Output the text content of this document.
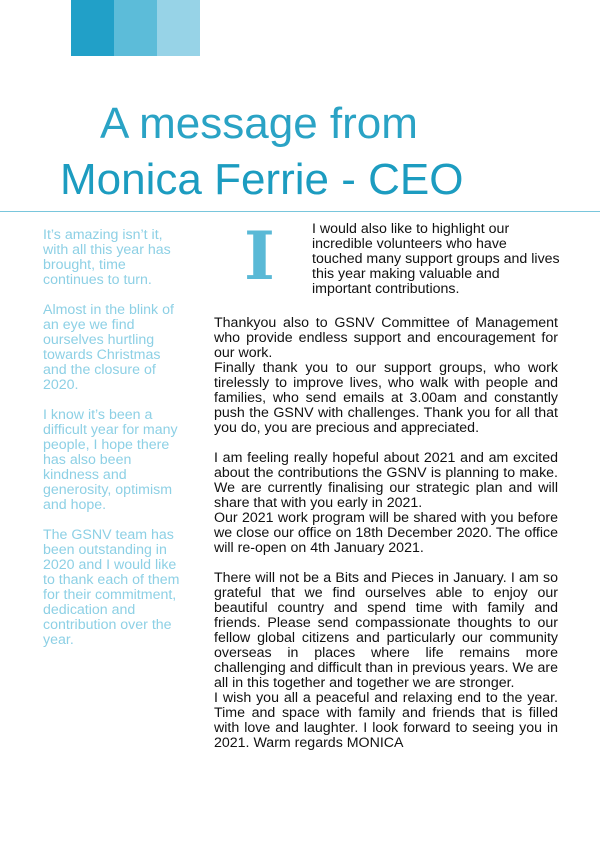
A message from
Monica Ferrie - CEO

It’s amazing isn’t it, with all this year has brought, time continues to turn.

Almost in the blink of an eye we find ourselves hurtling towards Christmas and the closure of 2020.

I know it’s been a difficult year for many people, I hope there has also been kindness and generosity, optimism and hope.

The GSNV team has been outstanding in 2020 and I would like to thank each of them for their commitment, dedication and contribution over the year.

I	I would also like to highlight our incredible volunteers who have touched many support groups and lives this year making valuable and important contributions.

Thankyou also to GSNV Committee of Management who provide endless support and encouragement for our work.

Finally thank you to our support groups, who work tirelessly to improve lives, who walk with people and families, who send emails at 3.00am and constantly push the GSNV with challenges. Thank you for all that you do, you are precious and appreciated.

I am feeling really hopeful about 2021 and am excited about the contributions the GSNV is planning to make. We are currently finalising our strategic plan and will share that with you early in 2021.

Our 2021 work program will be shared with you before we close our office on 18th December 2020. The office will re-open on 4th January 2021.

There will not be a Bits and Pieces in January. I am so grateful that we find ourselves able to enjoy our beautiful country and spend time with family and friends. Please send compassionate thoughts to our fellow global citizens and particularly our community overseas in places where life remains more challenging and difficult than in previous years. We are all in this together and together we are stronger.

I wish you all a peaceful and relaxing end to the year. Time and space with family and friends that is filled with love and laughter. I look forward to seeing you in 2021. Warm regards MONICA
